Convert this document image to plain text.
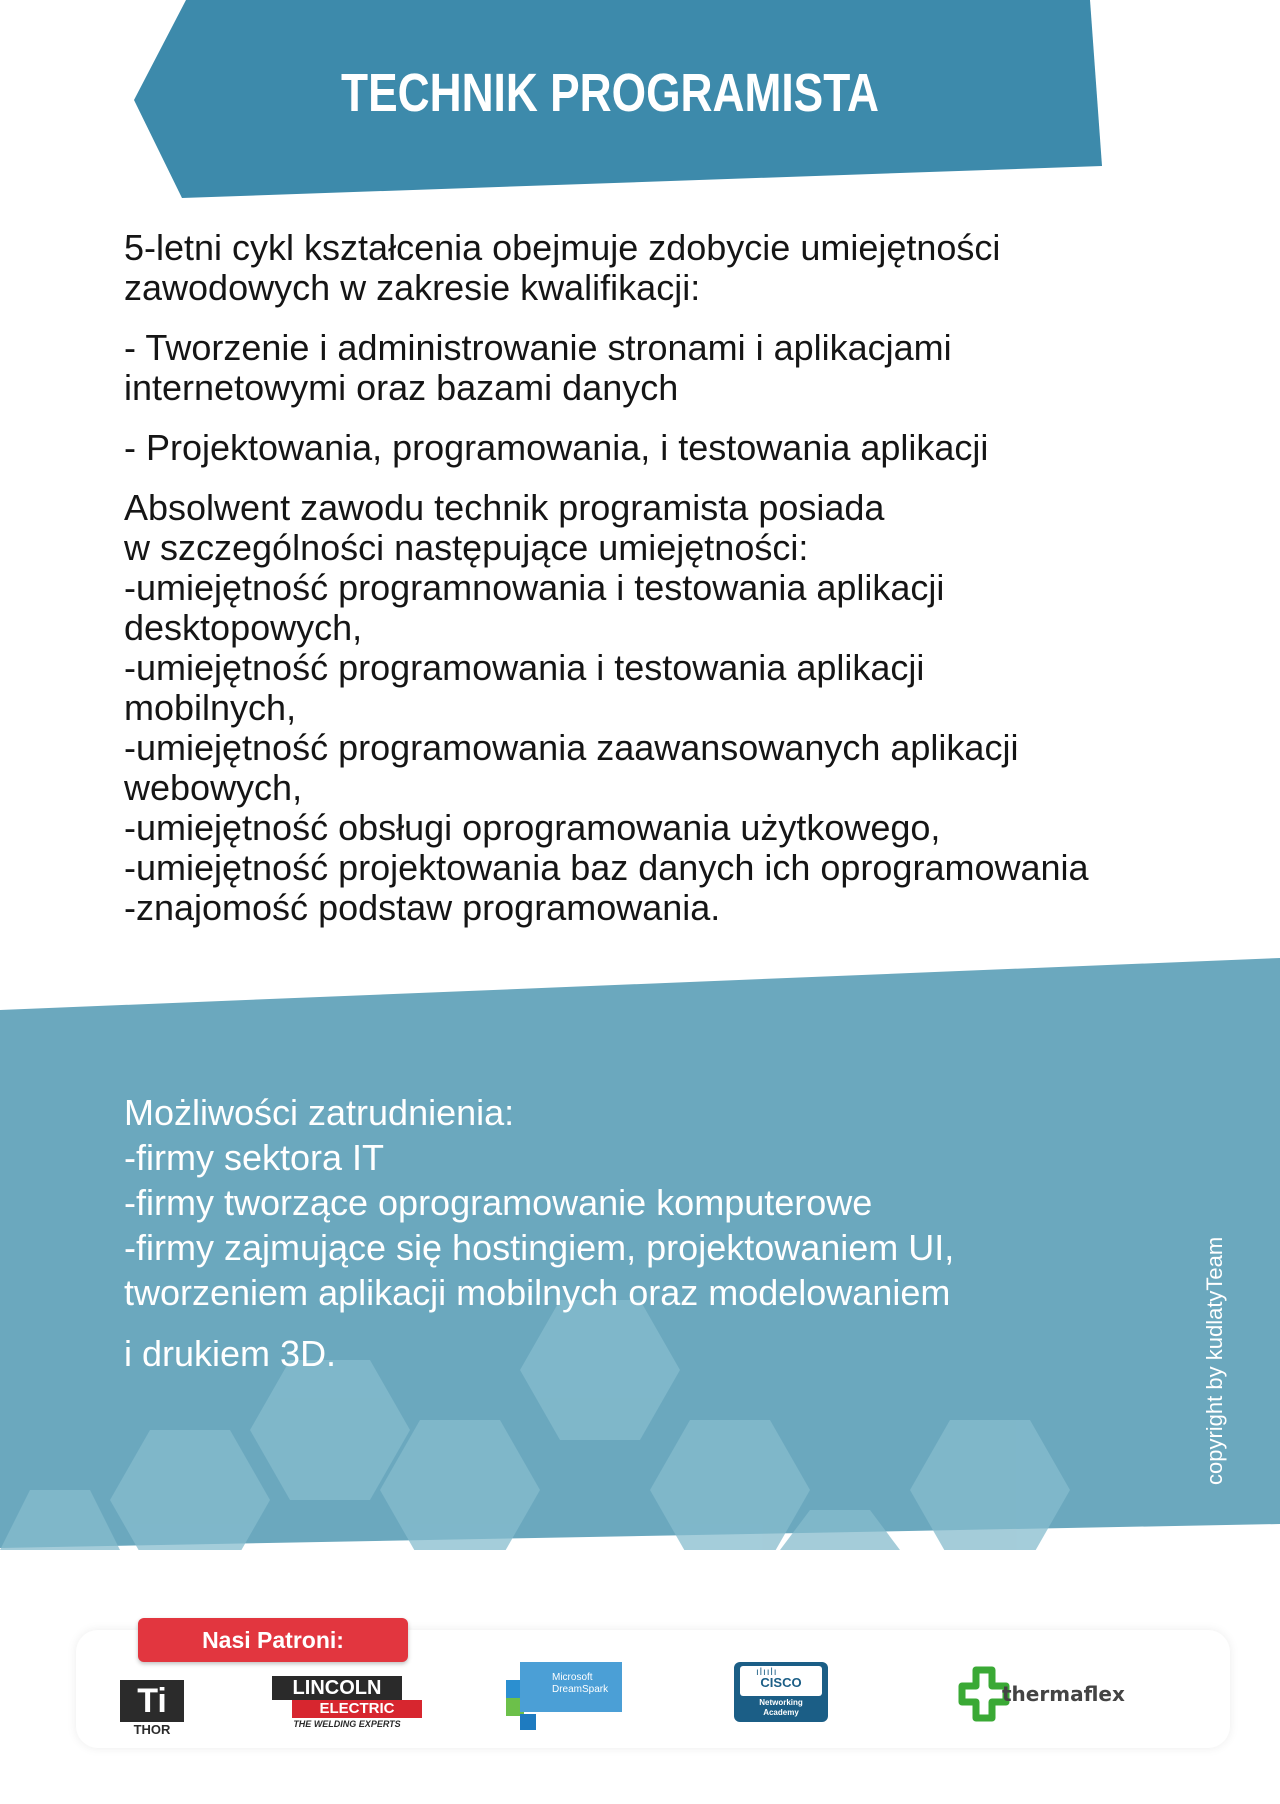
TECHNIK PROGRAMISTA

5-letni cykl kształcenia obejmuje zdobycie umiejętności
zawodowych w zakresie kwalifikacji:

- Tworzenie i administrowanie stronami i aplikacjami
internetowymi oraz bazami danych

- Projektowania, programowania, i testowania aplikacji

Absolwent zawodu technik programista posiada
w szczególności następujące umiejętności:
-umiejętność programnowania i testowania aplikacji
desktopowych,
-umiejętność programowania i testowania aplikacji
mobilnych,
-umiejętność programowania zaawansowanych aplikacji
webowych,
-umiejętność obsługi oprogramowania użytkowego,
-umiejętność projektowania baz danych ich oprogramowania
-znajomość podstaw programowania.
Możliwości zatrudnienia:
-firmy sektora IT
-firmy tworzące oprogramowanie komputerowe
-firmy zajmujące się hostingiem, projektowaniem UI,
tworzeniem aplikacji mobilnych oraz modelowaniem
i drukiem 3D.	copyright by kudlatyTeam
Nasi Patroni:
Ti
THOR
LINCOLN
ELECTRIC
THE WELDING EXPERTS
Microsoft
DreamSpark	CISCO
ılıılı
Networking
Academy
thermaflex
